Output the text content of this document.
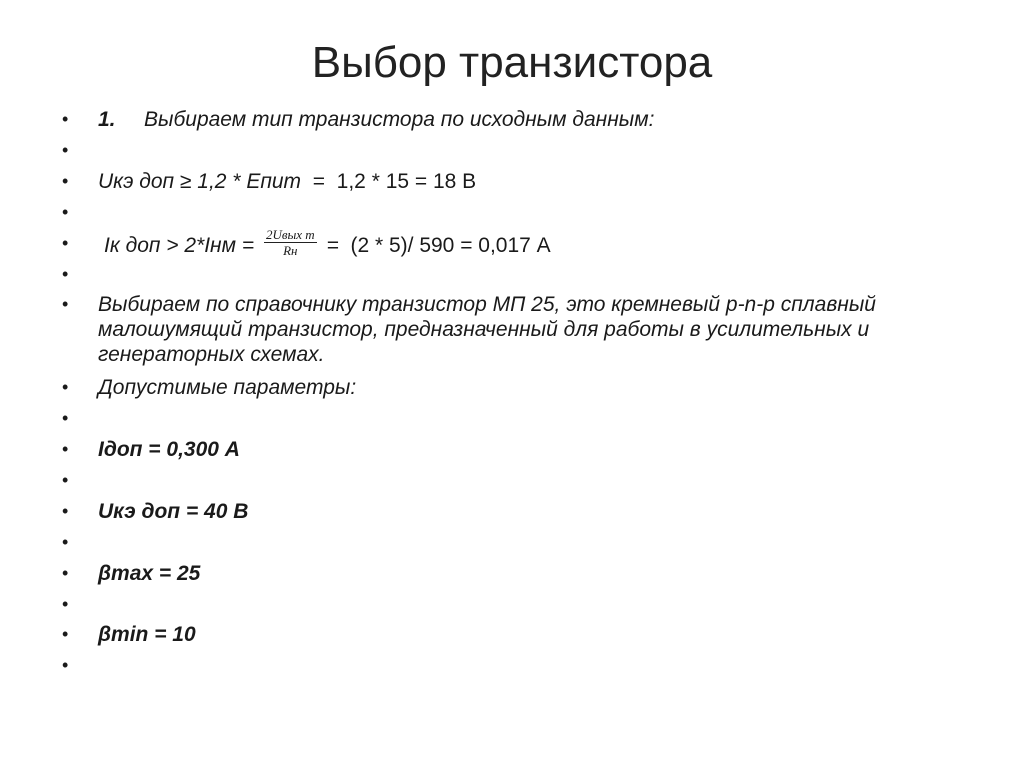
Выбор транзистора
•	1. Выбираем тип транзистора по исходным данным:
•
•	Uкэ доп ≥ 1,2 * Eпит  =  1,2 * 15 = 18 В
•
•	Iк доп > $2*Iнм = \frac{\text{2Uвых m}}{Rн} = (2 * 5)/$ 590 = 0,017 А
•
•	Выбираем по справочнику транзистор МП 25, это кремневый p-n-p сплавный малошумящий транзистор, предназначенный для работы в усилительных и генераторных схемах.
•	Допустимые параметры:
•
•	Iдоп = 0,300 А
•
•	Uкэ доп = 40 В
•
•	βmax = 25
•
•	βmin = 10
•
